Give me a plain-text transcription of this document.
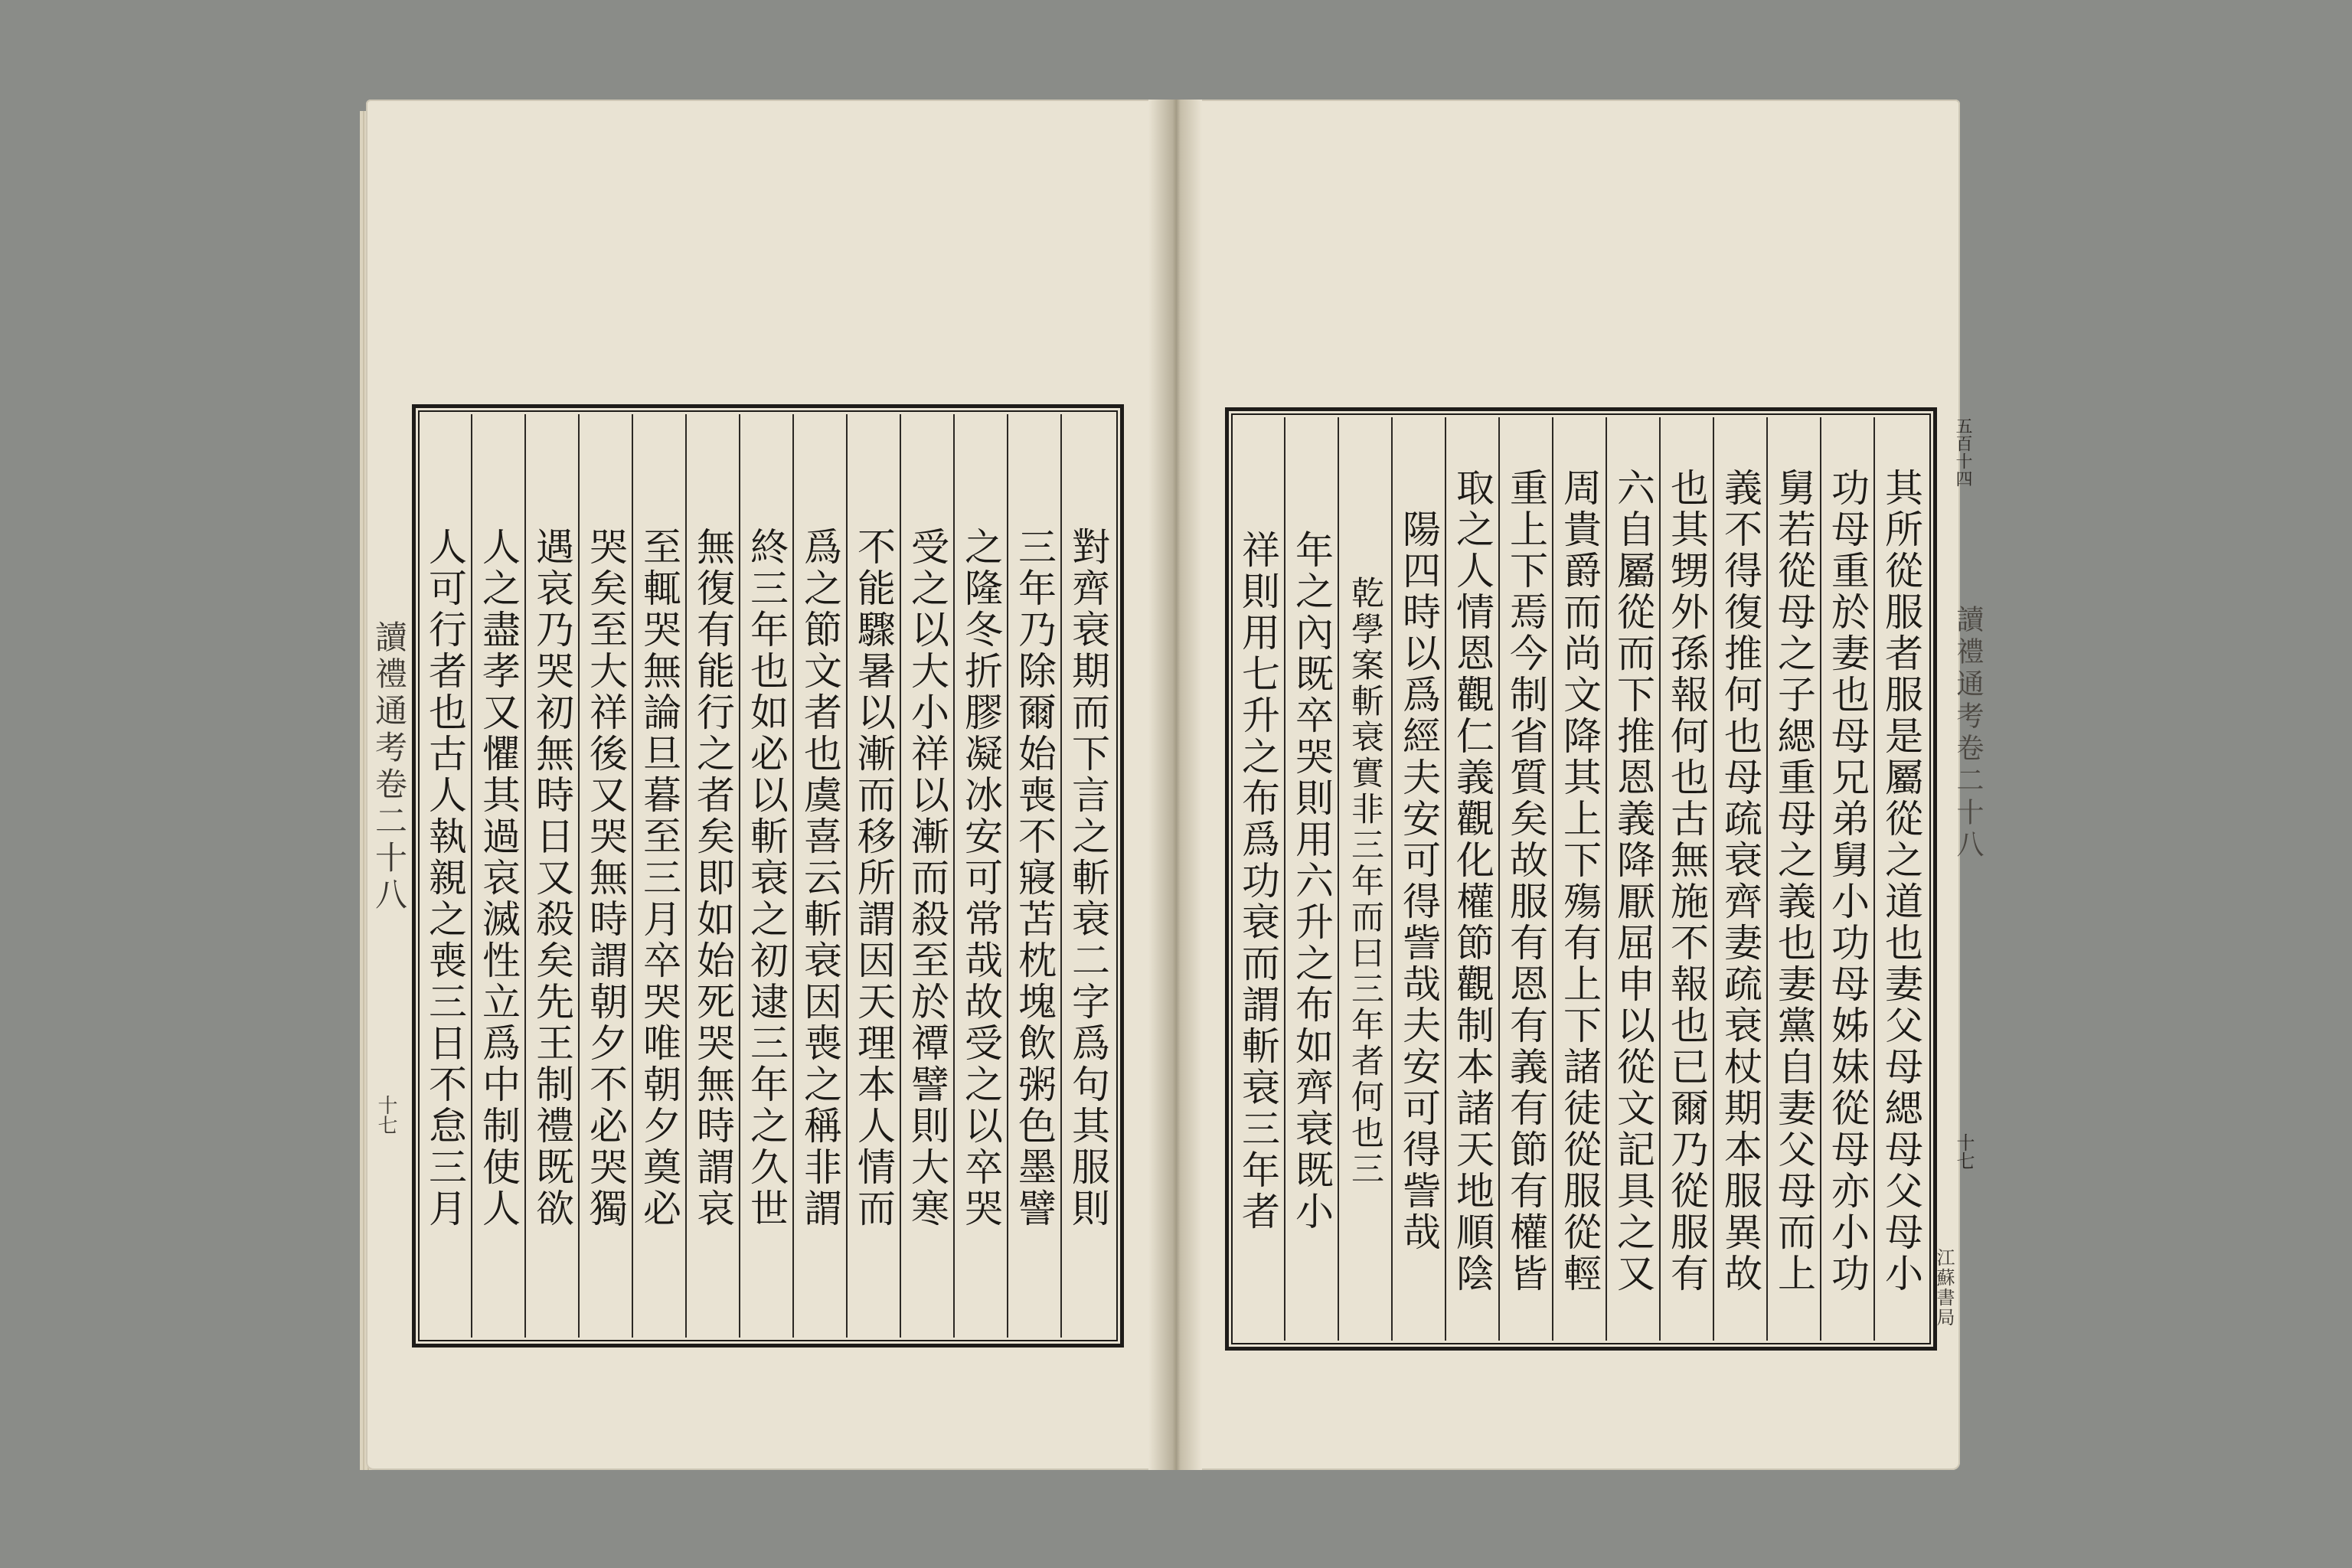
讀禮通考卷二十八
十七	對齊衰期而下言之斬衰二字爲句其服則
三年乃除爾始喪不寢苫枕塊飲粥色墨譬
之隆冬折膠凝冰安可常哉故受之以卒哭
受之以大小祥以漸而殺至於禫譬則大寒
不能驟暑以漸而移所謂因天理本人情而
爲之節文者也虞喜云斬衰因喪之稱非謂
終三年也如必以斬衰之初逮三年之久世
無復有能行之者矣即如始死哭無時謂哀
至輒哭無論旦暮至三月卒哭唯朝夕奠必
哭矣至大祥後又哭無時謂朝夕不必哭獨
遇哀乃哭初無時日又殺矣先王制禮既欲
人之盡孝又懼其過哀滅性立爲中制使人
人可行者也古人執親之喪三日不怠三月	其所從服者服是屬從之道也妻父母緦母父母小
功母重於妻也母兄弟舅小功母姊妹從母亦小功
舅若從母之子緦重母之義也妻黨自妻父母而上
義不得復推何也母疏衰齊妻疏衰杖期本服異故
也其甥外孫報何也古無施不報也已爾乃從服有
六自屬從而下推恩義降厭屈申以從文記具之又
周貴爵而尚文降其上下殤有上下諸徒從服從輕
重上下焉今制省質矣故服有恩有義有節有權皆
取之人情恩觀仁義觀化權節觀制本諸天地順陰
陽四時以爲經夫安可得訾哉夫安可得訾哉
乾學案斬衰實非三年而曰三年者何也三
年之內既卒哭則用六升之布如齊衰既小
祥則用七升之布爲功衰而謂斬衰三年者
五百十四
讀禮通考卷二十八
十七
江蘇書局
